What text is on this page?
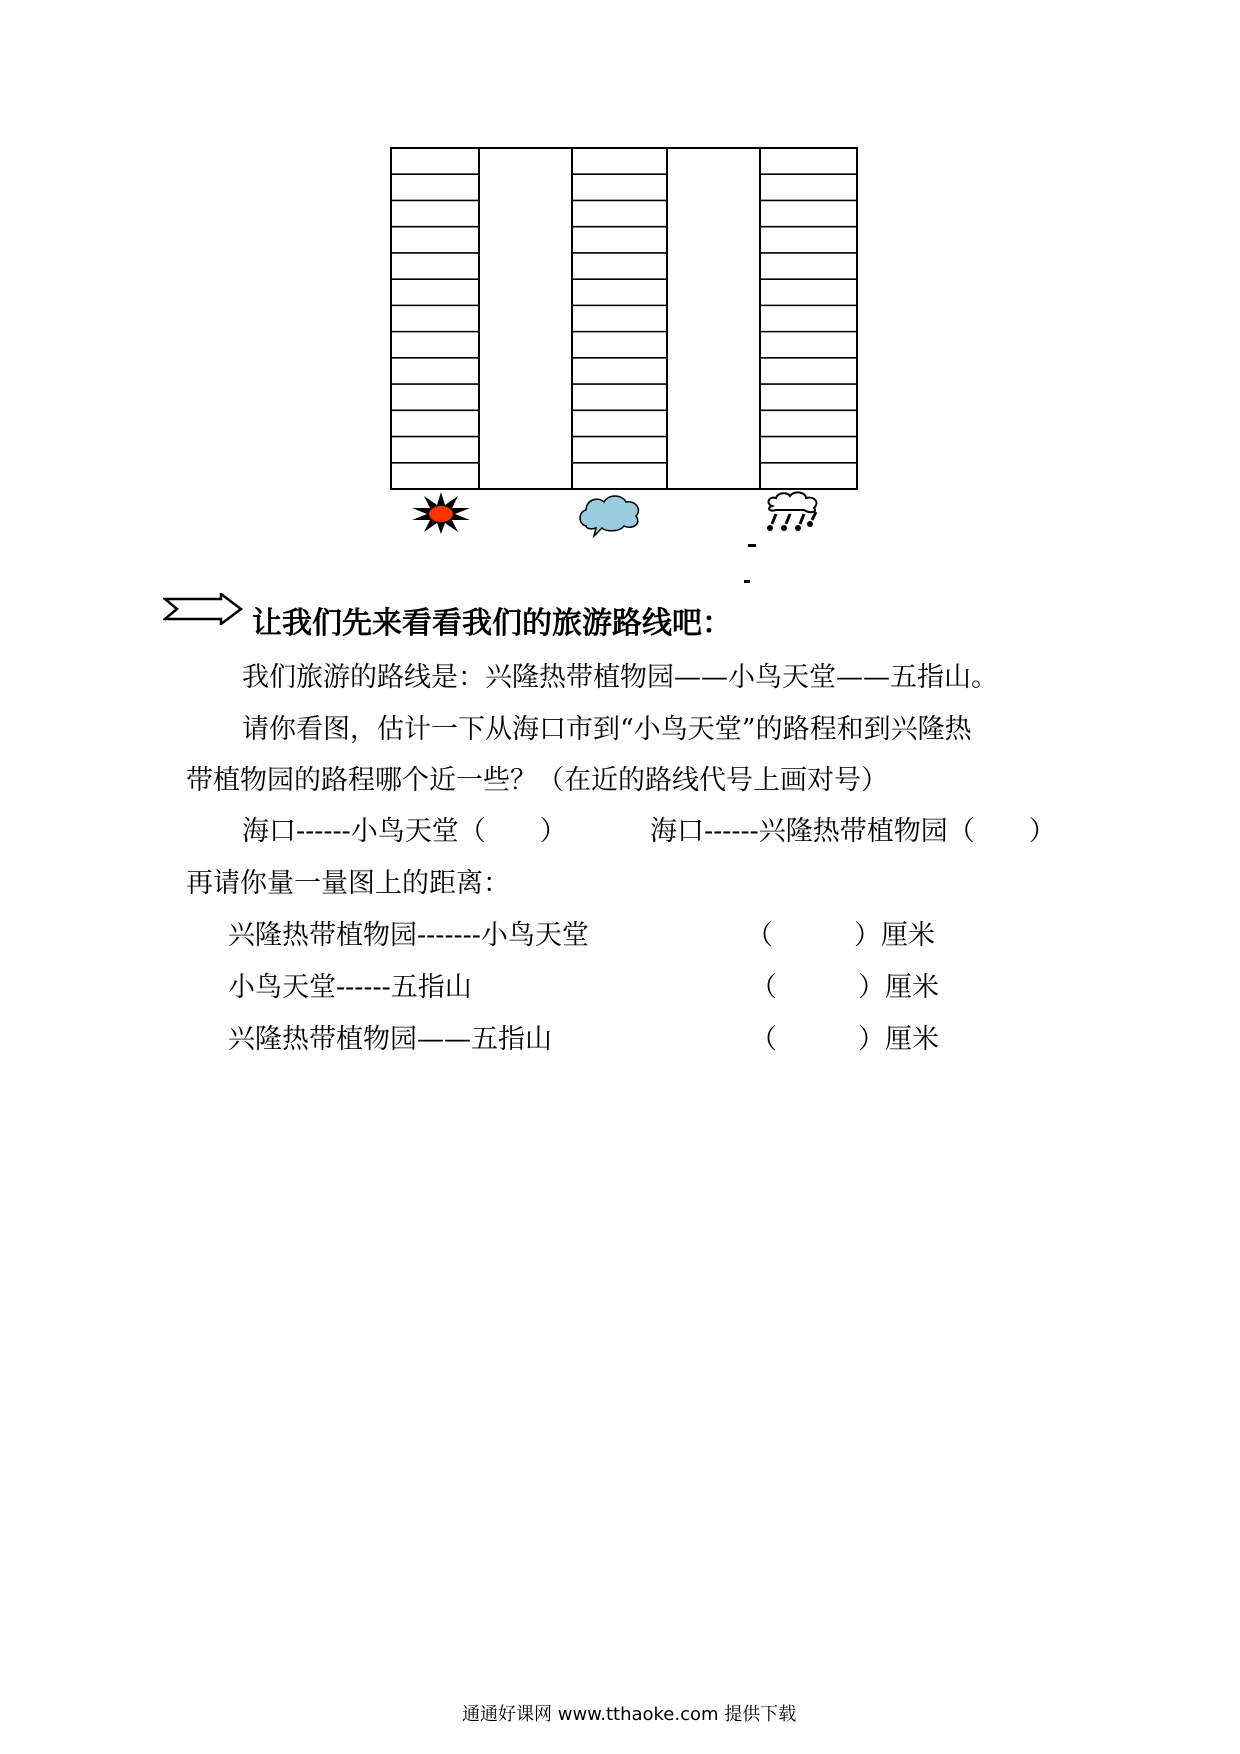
让我们先来看看我们的旅游路线吧：
我们旅游的路线是：兴隆热带植物园——小鸟天堂——五指山。
请你看图，估计一下从海口市到“小鸟天堂”的路程和到兴隆热
带植物园的路程哪个近一些？（在近的路线代号上画对号）
海口------小鸟天堂（　　）	海口------兴隆热带植物园（　　）
再请你量一量图上的距离：
兴隆热带植物园-------小鸟天堂	（　　　）厘米
小鸟天堂------五指山	（　　　）厘米
兴隆热带植物园——五指山	（　　　）厘米
通通好课网 www.tthaoke.com 提供下载
